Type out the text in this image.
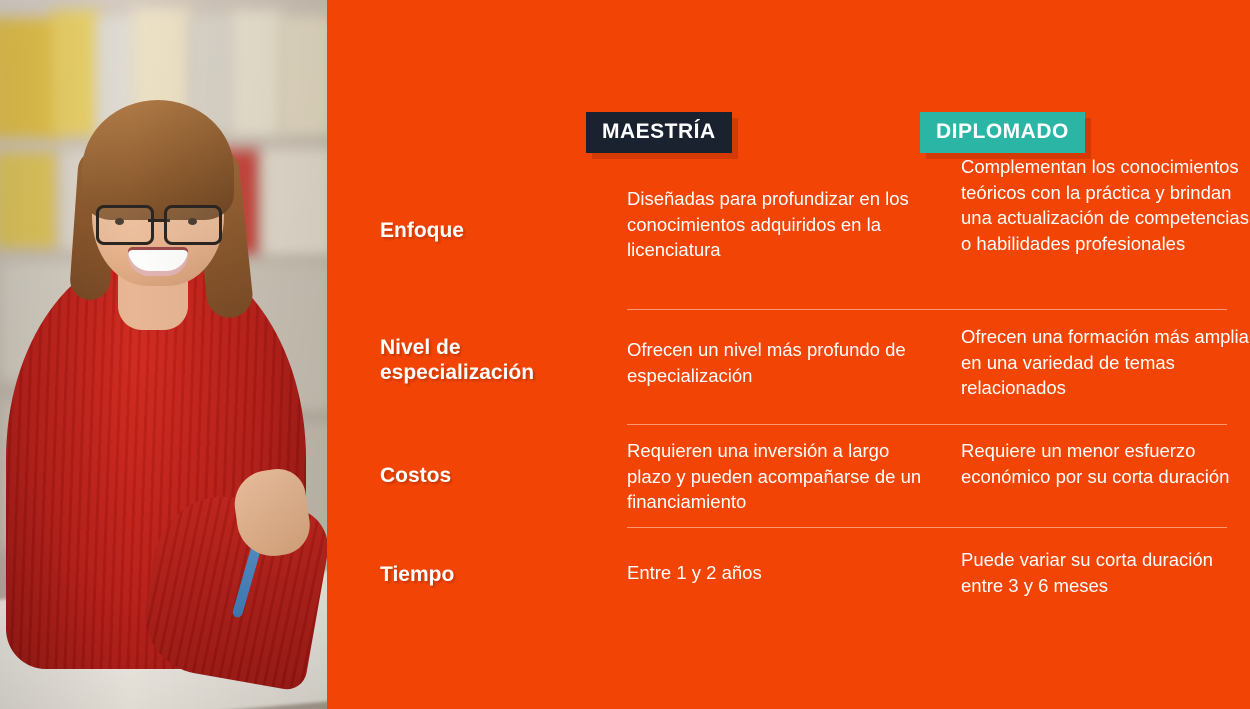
MAESTRÍA	DIPLOMADO
Enfoque
Diseñadas para profundizar en los conocimientos adquiridos en la licenciatura
Complementan los conocimientos teóricos con la práctica y brindan una actualización de competencias o habilidades profesionales
Nivel de especialización
Ofrecen un nivel más profundo de especialización
Ofrecen una formación más amplia en una variedad de temas relacionados
Costos
Requieren una inversión a largo plazo y pueden acompañarse de un financiamiento
Requiere un menor esfuerzo económico por su corta duración
Tiempo	Entre 1 y 2 años
Puede variar su corta duración entre 3 y 6 meses
